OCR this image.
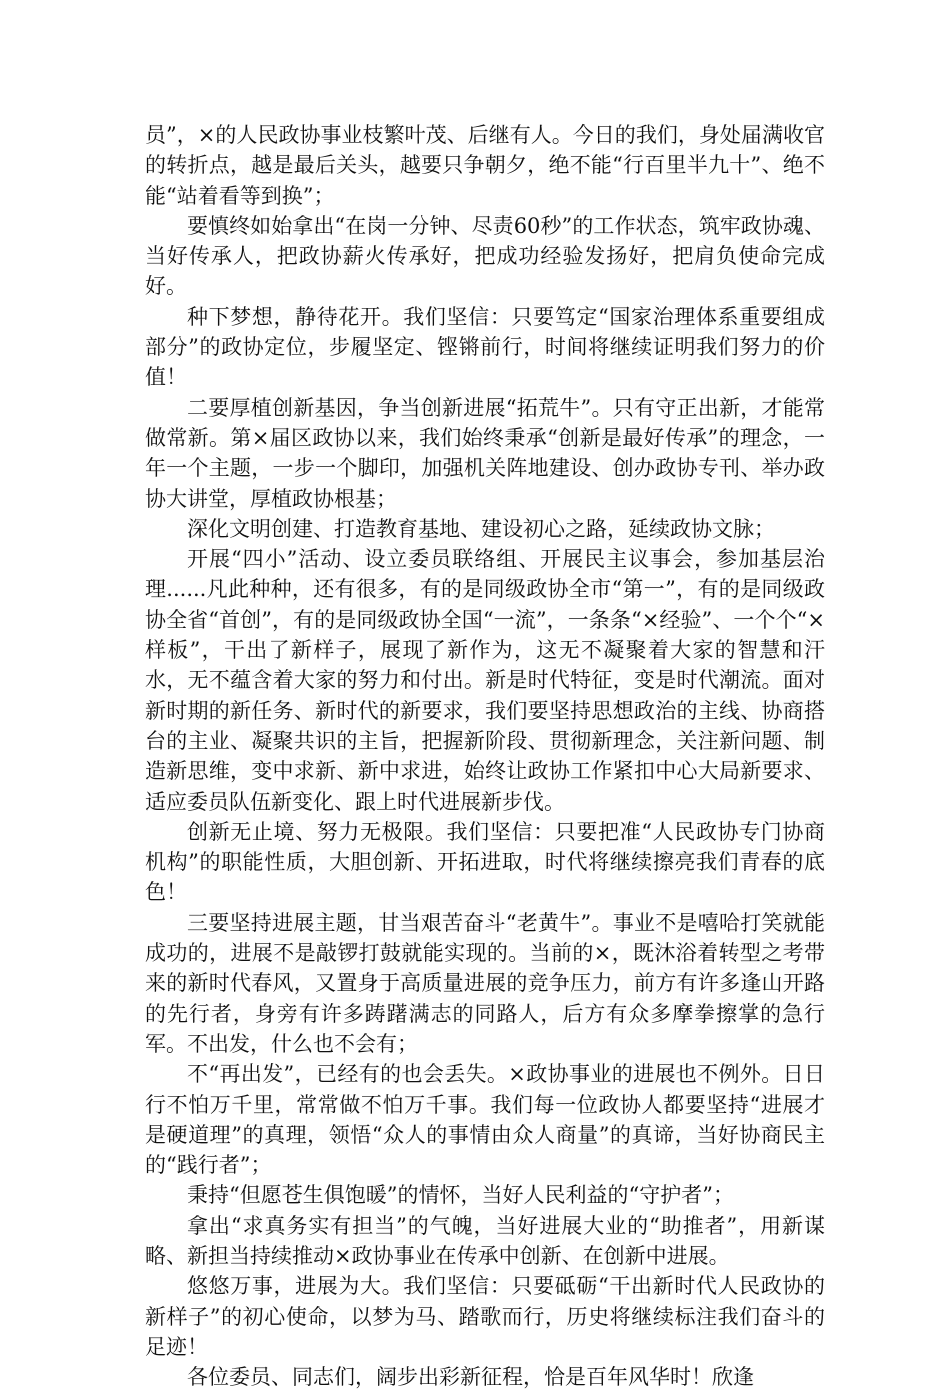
员”，×的人民政协事业枝繁叶茂、后继有人。今日的我们，身处届满收官的转折点，越是最后关头，越要只争朝夕，绝不能“行百里半九十”、绝不能“站着看等到换”；

要慎终如始拿出“在岗一分钟、尽责60秒”的工作状态，筑牢政协魂、当好传承人，把政协薪火传承好，把成功经验发扬好，把肩负使命完成好。

种下梦想，静待花开。我们坚信：只要笃定“国家治理体系重要组成部分”的政协定位，步履坚定、铿锵前行，时间将继续证明我们努力的价值！

二要厚植创新基因，争当创新进展“拓荒牛”。只有守正出新，才能常做常新。第×届区政协以来，我们始终秉承“创新是最好传承”的理念，一年一个主题，一步一个脚印，加强机关阵地建设、创办政协专刊、举办政协大讲堂，厚植政协根基；

深化文明创建、打造教育基地、建设初心之路，延续政协文脉；

开展“四小”活动、设立委员联络组、开展民主议事会，参加基层治理......凡此种种，还有很多，有的是同级政协全市“第一”，有的是同级政协全省“首创”，有的是同级政协全国“一流”，一条条“×经验”、一个个“×样板”，干出了新样子，展现了新作为，这无不凝聚着大家的智慧和汗水，无不蕴含着大家的努力和付出。新是时代特征，变是时代潮流。面对新时期的新任务、新时代的新要求，我们要坚持思想政治的主线、协商搭台的主业、凝聚共识的主旨，把握新阶段、贯彻新理念，关注新问题、制造新思维，变中求新、新中求进，始终让政协工作紧扣中心大局新要求、适应委员队伍新变化、跟上时代进展新步伐。

创新无止境、努力无极限。我们坚信：只要把准“人民政协专门协商机构”的职能性质，大胆创新、开拓进取，时代将继续擦亮我们青春的底色！

三要坚持进展主题，甘当艰苦奋斗“老黄牛”。事业不是嘻哈打笑就能成功的，进展不是敲锣打鼓就能实现的。当前的×，既沐浴着转型之考带来的新时代春风，又置身于高质量进展的竞争压力，前方有许多逢山开路的先行者，身旁有许多踌躇满志的同路人，后方有众多摩拳擦掌的急行军。不出发，什么也不会有；

不“再出发”，已经有的也会丢失。×政协事业的进展也不例外。日日行不怕万千里，常常做不怕万千事。我们每一位政协人都要坚持“进展才是硬道理”的真理，领悟“众人的事情由众人商量”的真谛，当好协商民主的“践行者”；

秉持“但愿苍生俱饱暖”的情怀，当好人民利益的“守护者”；

拿出“求真务实有担当”的气魄，当好进展大业的“助推者”，用新谋略、新担当持续推动×政协事业在传承中创新、在创新中进展。

悠悠万事，进展为大。我们坚信：只要砥砺“干出新时代人民政协的新样子”的初心使命，以梦为马、踏歌而行，历史将继续标注我们奋斗的足迹！

各位委员、同志们，阔步出彩新征程，恰是百年风华时！欣逢
